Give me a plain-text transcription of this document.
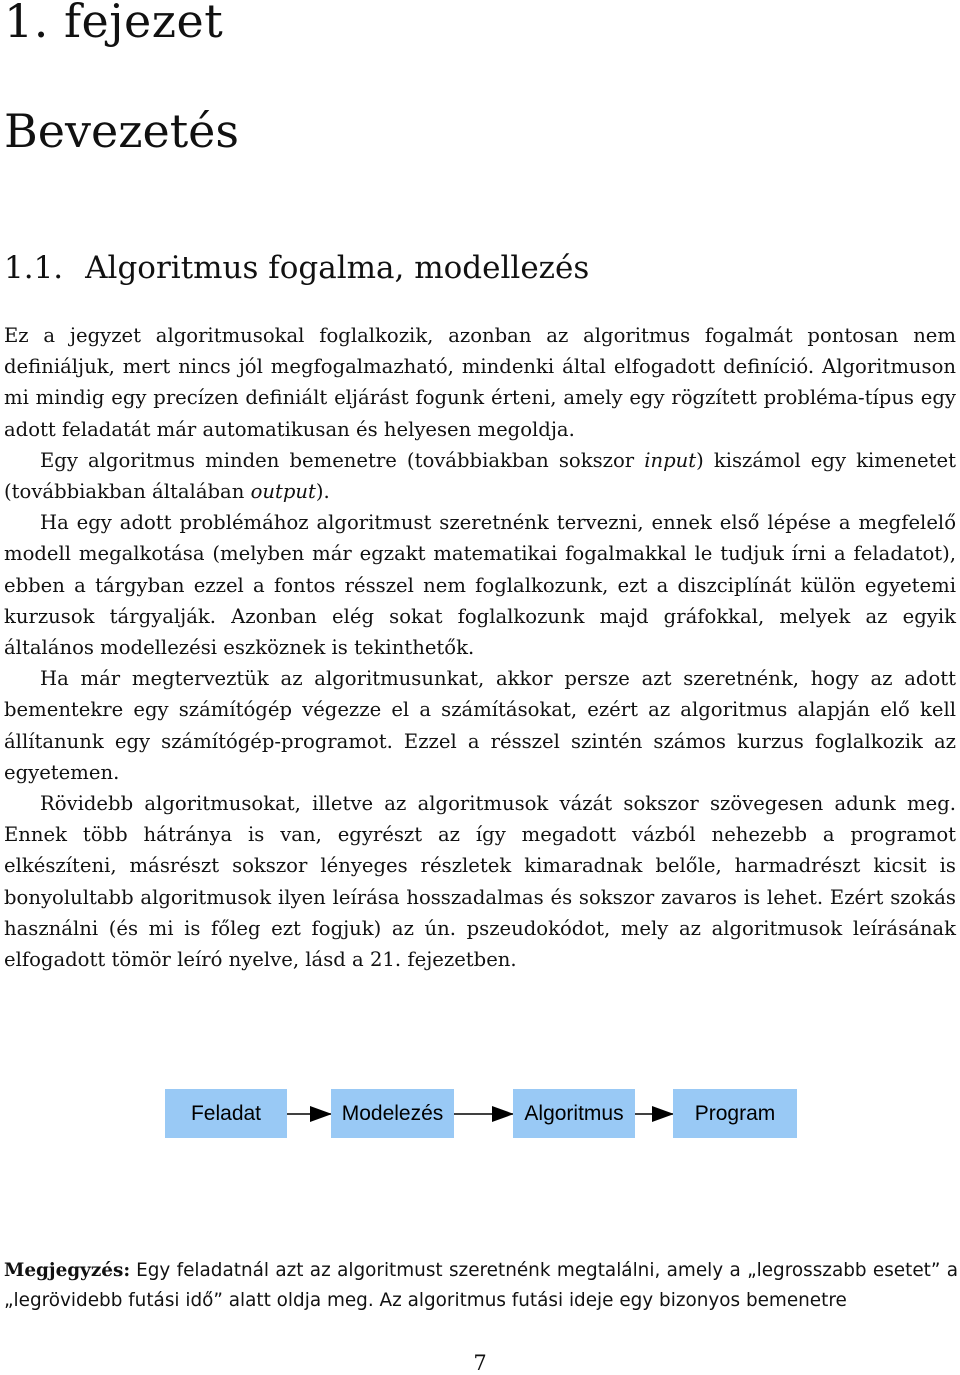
1. fejezet
Bevezetés
1.1. Algoritmus fogalma, modellezés

Ez a jegyzet algoritmusokal foglalkozik, azonban az algoritmus fogalmát pontosan nem definiáljuk, mert nincs jól megfogalmazható, mindenki által elfogadott definíció. Algoritmuson mi mindig egy precízen definiált eljárást fogunk érteni, amely egy rögzített probléma-típus egy adott feladatát már automatikusan és helyesen megoldja.

Egy algoritmus minden bemenetre (továbbiakban sokszor input) kiszámol egy kimenetet (továbbiakban általában output).

Ha egy adott problémához algoritmust szeretnénk tervezni, ennek első lépése a megfelelő modell megalkotása (melyben már egzakt matematikai fogalmakkal le tudjuk írni a feladatot), ebben a tárgyban ezzel a fontos résszel nem foglalkozunk, ezt a diszciplínát külön egyetemi kurzusok tárgyalják. Azonban elég sokat foglalkozunk majd gráfokkal, melyek az egyik általános modellezési eszköznek is tekinthetők.

Ha már megterveztük az algoritmusunkat, akkor persze azt szeretnénk, hogy az adott bementekre egy számítógép végezze el a számításokat, ezért az algoritmus alapján elő kell állítanunk egy számítógép-programot. Ezzel a résszel szintén számos kurzus foglalkozik az egyetemen.

Rövidebb algoritmusokat, illetve az algoritmusok vázát sokszor szövegesen adunk meg. Ennek több hátránya is van, egyrészt az így megadott vázból nehezebb a programot elkészíteni, másrészt sokszor lényeges részletek kimaradnak belőle, harmadrészt kicsit is bonyolultabb algoritmusok ilyen leírása hosszadalmas és sokszor zavaros is lehet. Ezért szokás használni (és mi is főleg ezt fogjuk) az ún. pszeudokódot, mely az algoritmusok leírásának elfogadott tömör leíró nyelve, lásd a 21. fejezetben.

Feladat	Modelezés	Algoritmus	Program
Megjegyzés: Egy feladatnál azt az algoritmust szeretnénk megtalálni, amely a „legrosszabb esetet” a „legrövidebb futási idő” alatt oldja meg. Az algoritmus futási ideje egy bizonyos bemenetre
7
